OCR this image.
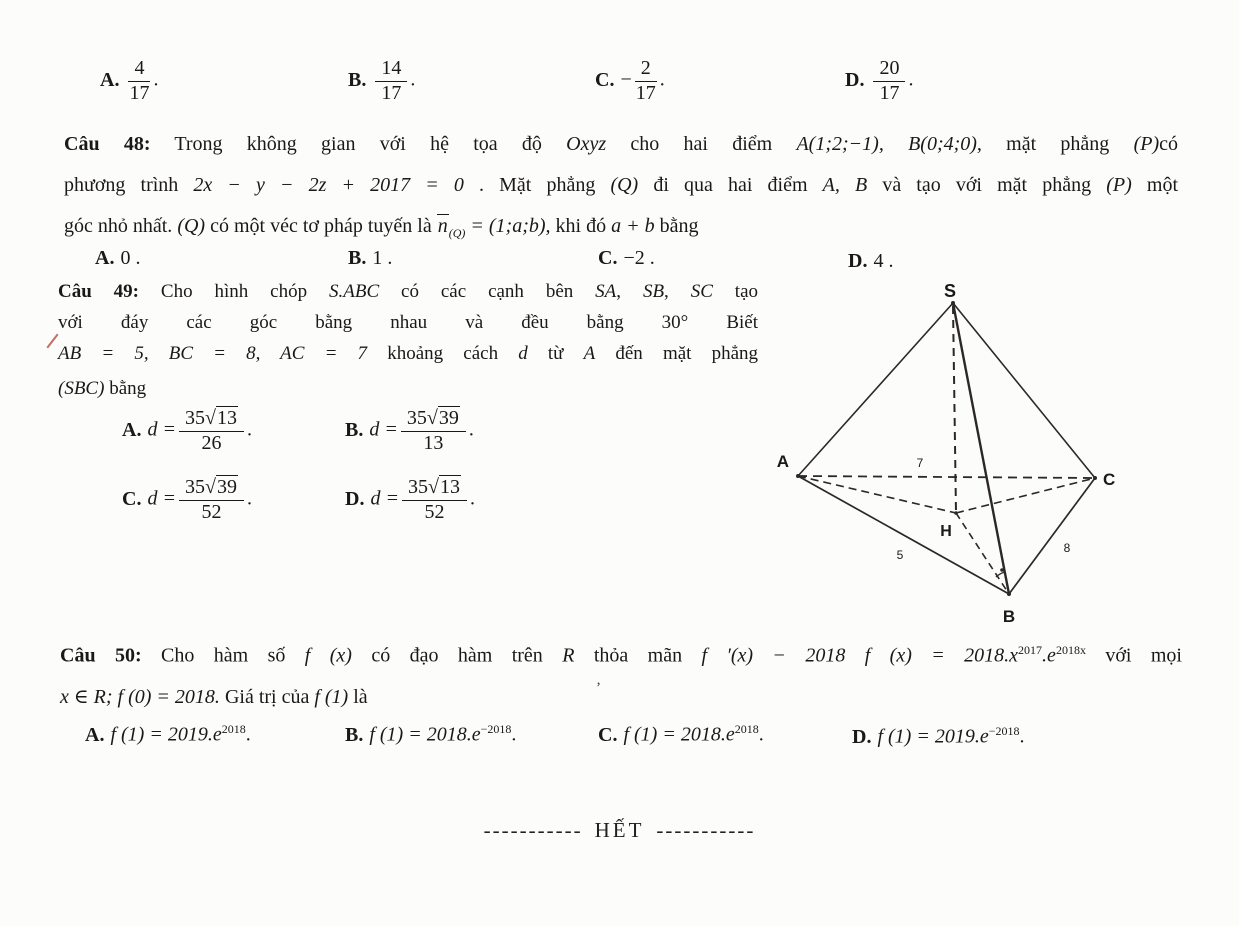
A. $\frac{4}{17}$ .	B. $\frac{14}{17}$ .	C. − $\frac{2}{17}$ .	D. $\frac{20}{17}$ .
Câu 48: Trong không gian với hệ tọa độ Oxyz cho hai điểm A(1;2;−1), B(0;4;0), mặt phẳng (P)có
phương trình 2x − y − 2z + 2017 = 0 . Mặt phẳng (Q) đi qua hai điểm A, B và tạo với mặt phẳng (P) một
góc nhỏ nhất. (Q) có một véc tơ pháp tuyến là $n_{(Q)}$ = (1;a;b), khi đó a + b bằng
A. 0 .	B. 1 .	C. −2 .	D. 4 .
Câu 49: Cho hình chóp S.ABC có các cạnh bên SA, SB, SC tạo
với đáy các góc bằng nhau và đều bằng 30° Biết
AB = 5, BC = 8, AC = 7 khoảng cách d từ A đến mặt phẳng
(SBC) bằng
A. $d = \frac{35√13}{26}$ .	B. $d = \frac{35√39}{13}$ .
C. $d = \frac{35√39}{52}$ .	D. $d = \frac{35√13}{52}$ .
S
A
C
B
H
7
5	8
Câu 50: Cho hàm số f (x) có đạo hàm trên R thỏa mãn f ′(x) − 2018 f $(x) = 2018.x^{2017}.e^{2018x}$ với mọi
x ∈ R; f (0) = 2018. Giá trị của f (1) là
A. f $(1) = 2019.e^{2018}$.	B. f $(1) = 2018.e^{-2018}$.	C. f $(1) = 2018.e^{2018}$.	D. f $(1) = 2019.e^{-2018}$.
----------- HẾT -----------
’
